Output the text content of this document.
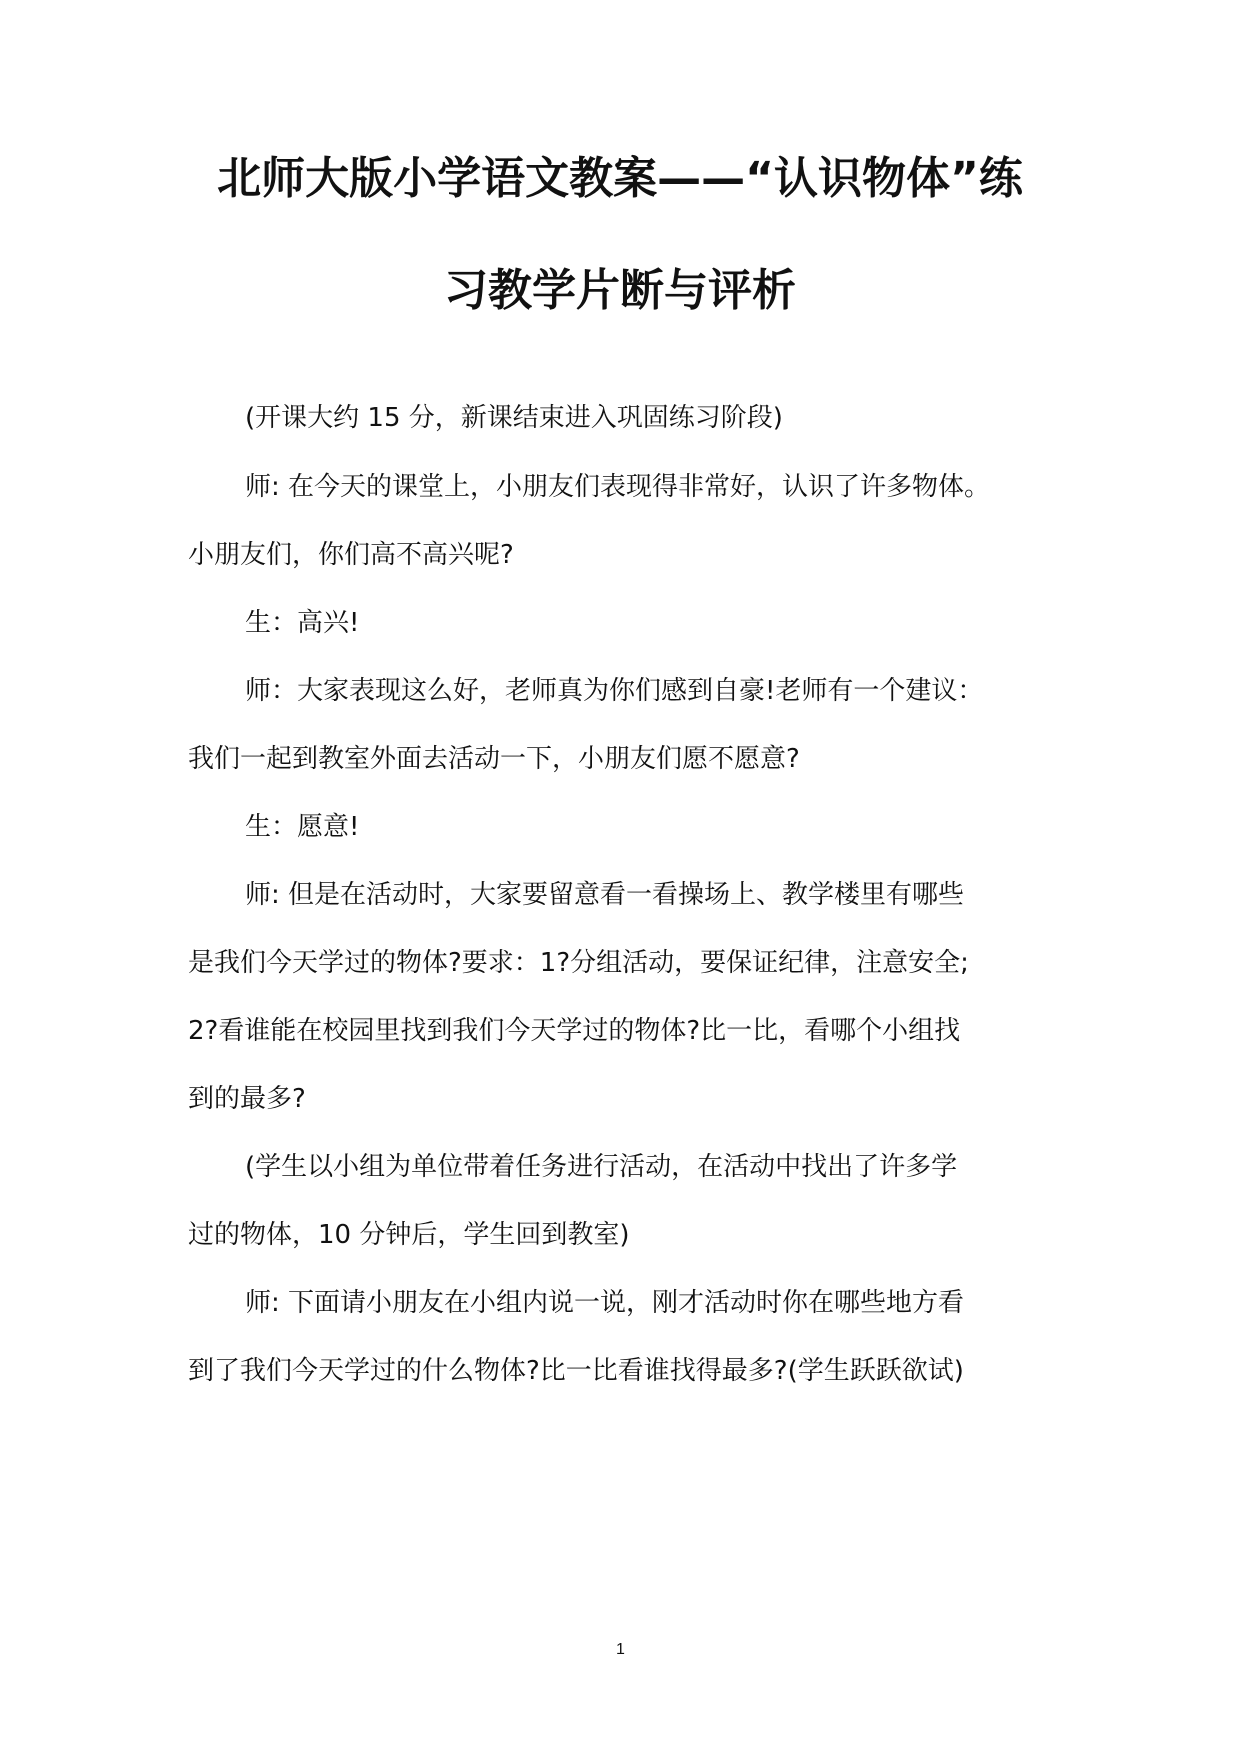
北师大版小学语文教案——“认识物体”练
习教学片断与评析
(开课大约 15 分，新课结束进入巩固练习阶段)
师: 在今天的课堂上，小朋友们表现得非常好，认识了许多物体。
小朋友们，你们高不高兴呢?
生：高兴!
师：大家表现这么好，老师真为你们感到自豪!老师有一个建议：
我们一起到教室外面去活动一下，小朋友们愿不愿意?
生：愿意!
师: 但是在活动时，大家要留意看一看操场上、教学楼里有哪些
是我们今天学过的物体?要求：1?分组活动，要保证纪律，注意安全;
2?看谁能在校园里找到我们今天学过的物体?比一比，看哪个小组找
到的最多?
(学生以小组为单位带着任务进行活动，在活动中找出了许多学
过的物体，10 分钟后，学生回到教室)
师: 下面请小朋友在小组内说一说，刚才活动时你在哪些地方看
到了我们今天学过的什么物体?比一比看谁找得最多?(学生跃跃欲试)
1
